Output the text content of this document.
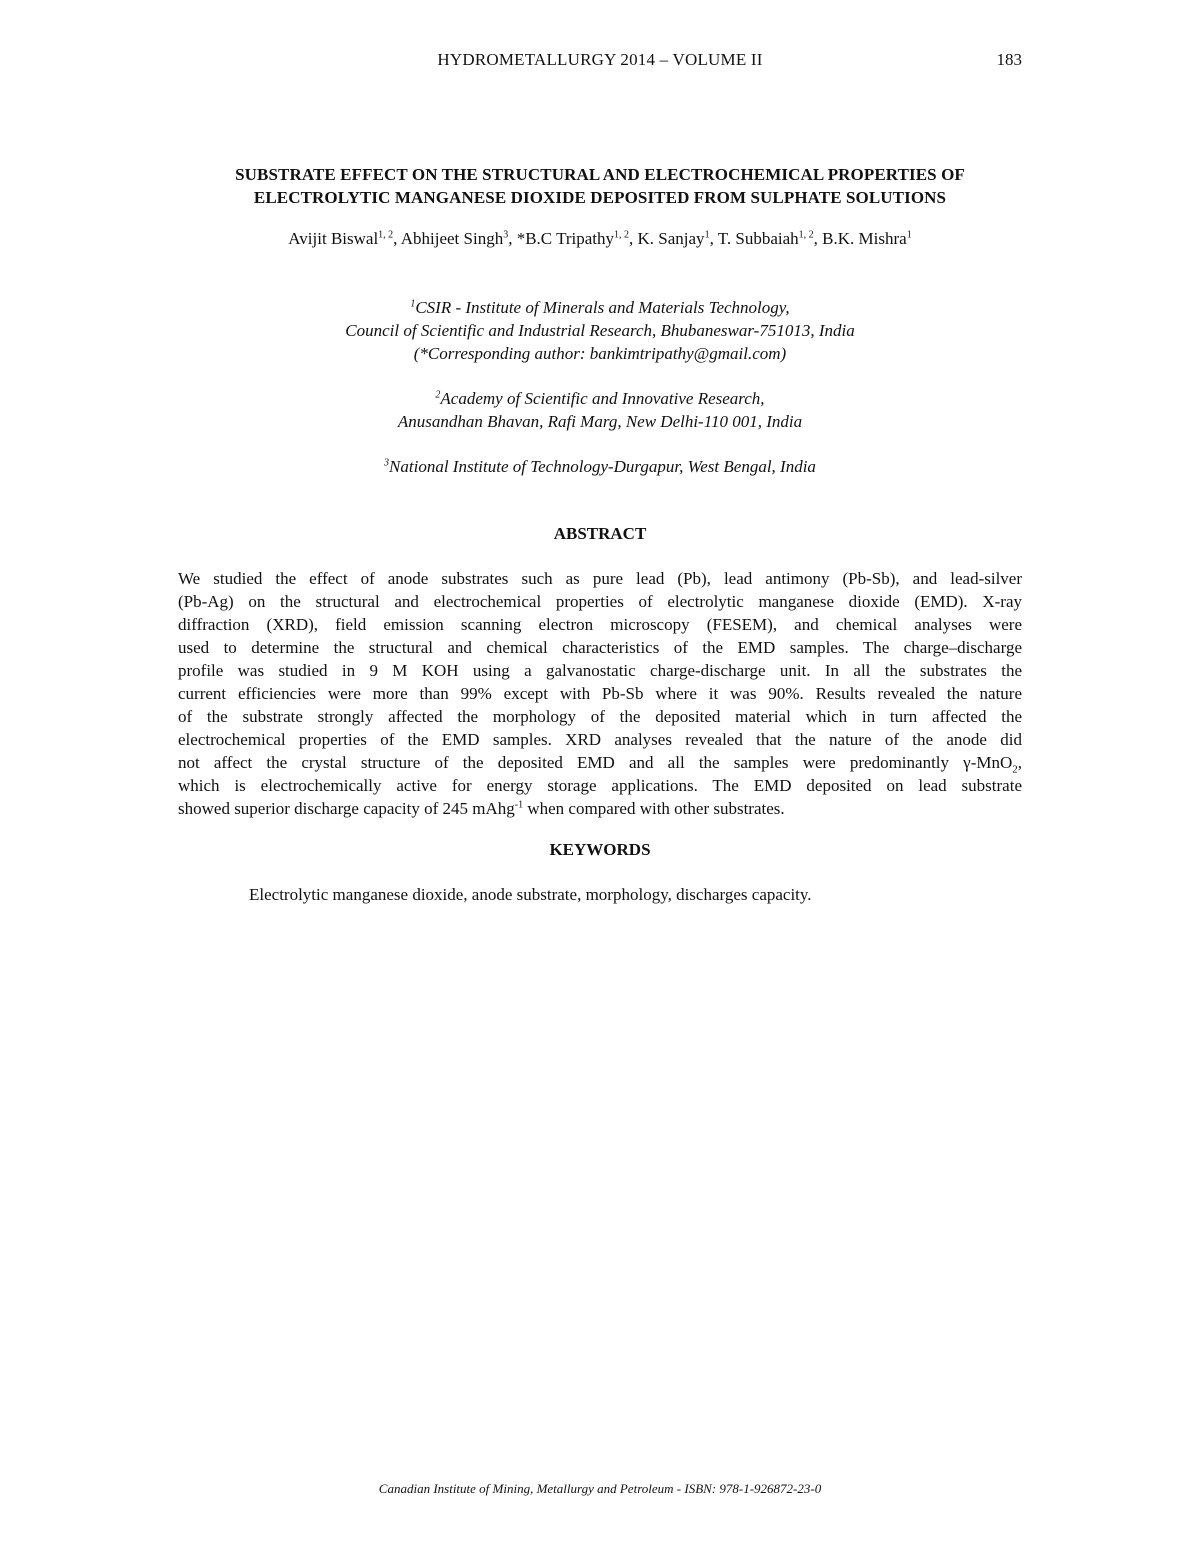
HYDROMETALLURGY 2014 – VOLUME II	183
SUBSTRATE EFFECT ON THE STRUCTURAL AND ELECTROCHEMICAL PROPERTIES OF
ELECTROLYTIC MANGANESE DIOXIDE DEPOSITED FROM SULPHATE SOLUTIONS
Avijit Biswal$^{1, 2}$, Abhijeet Singh$^3$, *B.C Tripathy$^{1, 2}$, K. Sanjay$^1$, T. Subbaiah$^{1, 2}$, B.K. Mishra$^1$
$^1$CSIR - Institute of Minerals and Materials Technology,
Council of Scientific and Industrial Research, Bhubaneswar-751013, India
(*Corresponding author: bankimtripathy@gmail.com)
$^2$Academy of Scientific and Innovative Research,
Anusandhan Bhavan, Rafi Marg, New Delhi-110 001, India
$^3$National Institute of Technology-Durgapur, West Bengal, India
ABSTRACT
We studied the effect of anode substrates such as pure lead (Pb), lead antimony (Pb-Sb), and lead-silver
(Pb-Ag) on the structural and electrochemical properties of electrolytic manganese dioxide (EMD). X-ray
diffraction (XRD), field emission scanning electron microscopy (FESEM), and chemical analyses were
used to determine the structural and chemical characteristics of the EMD samples. The charge–discharge
profile was studied in 9 M KOH using a galvanostatic charge-discharge unit. In all the substrates the
current efficiencies were more than 99% except with Pb-Sb where it was 90%. Results revealed the nature
of the substrate strongly affected the morphology of the deposited material which in turn affected the
electrochemical properties of the EMD samples. XRD analyses revealed that the nature of the anode did
not affect the crystal structure of the deposited EMD and all the samples were predominantly γ-MnO$_2$,
which is electrochemically active for energy storage applications. The EMD deposited on lead substrate
showed superior discharge capacity of 245 mAhg$^{-1}$ when compared with other substrates.
KEYWORDS
Electrolytic manganese dioxide, anode substrate, morphology, discharges capacity.
Canadian Institute of Mining, Metallurgy and Petroleum - ISBN: 978-1-926872-23-0
